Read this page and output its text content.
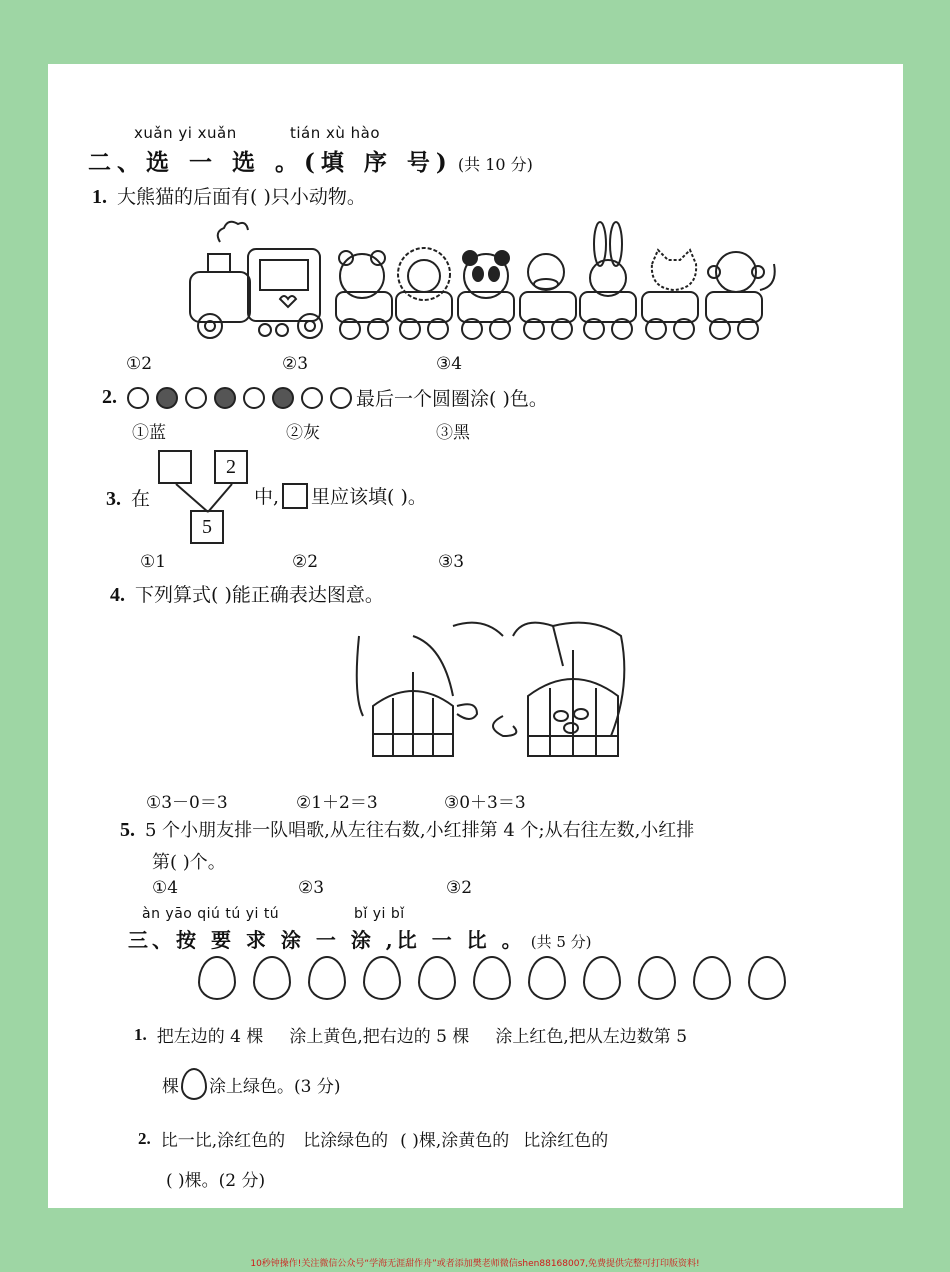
xuǎn yi xuǎn	tián xù hào
二、选 一 选 。(填 序 号) (共 10 分)
1. 大熊猫的后面有( )只小动物。
①2	②3	③4
2.	最后一个圆圈涂( )色。
①蓝	②灰	③黑
3. 在
2
5
中, 里应该填( )。
①1	②2	③3
4. 下列算式( )能正确表达图意。
①3－0＝3	②1＋2＝3	③0＋3＝3
5. 5 个小朋友排一队唱歌,从左往右数,小红排第 4 个;从右往左数,小红排
第( )个。
①4	②3	③2
àn yāo qiú tú yi tú	bǐ yi bǐ
三、按 要 求 涂 一 涂 ,比 一 比 。 (共 5 分)
1. 把左边的 4 棵 涂上黄色,把右边的 5 棵 涂上红色,把从左边数第 5
棵 涂上绿色。(3 分)
2. 比一比,涂红色的 比涂绿色的 ( )棵,涂黄色的 比涂红色的
( )棵。(2 分)
10秒钟操作!关注微信公众号“学海无涯甜作舟”或者添加樊老师微信shen88168007,免费提供完整可打印版资料!
